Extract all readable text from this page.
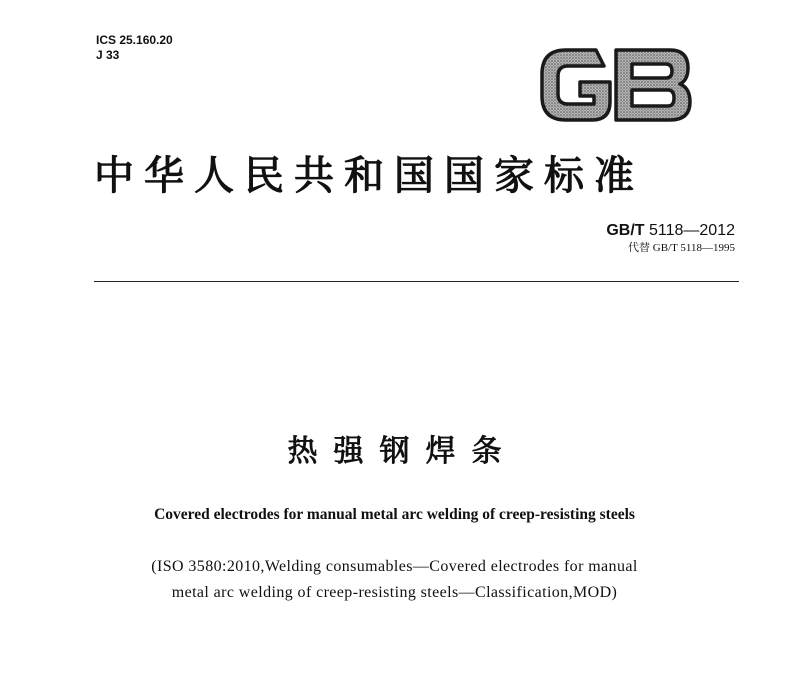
ICS 25.160.20
J 33
中华人民共和国国家标准
GB/T 5118—2012
代替 GB/T 5118—1995
热强钢焊条
Covered electrodes for manual metal arc welding of creep-resisting steels
(ISO 3580:2010,Welding consumables—Covered electrodes for manual
metal arc welding of creep-resisting steels—Classification,MOD)
